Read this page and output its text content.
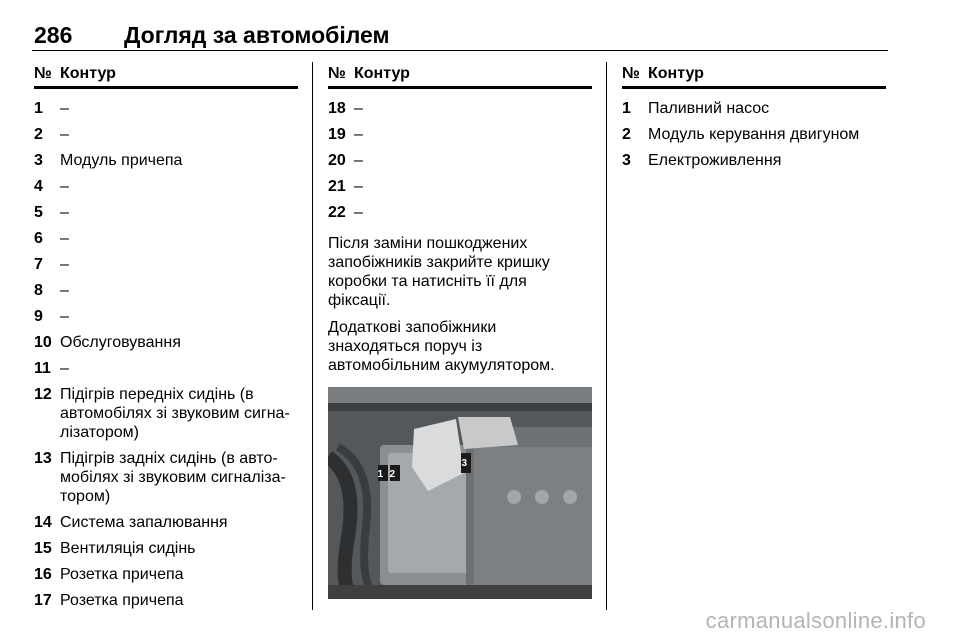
286 Догляд за автомобілем
№ Контур
1	–
2	–
3	Модуль причепа
4	–
5	–
6	–
7	–
8	–
9	–
10 Обслуговування
11 –
12 Підігрів передніх сидінь (в автомобілях зі звуковим сигна-лізатором)
13 Підігрів задніх сидінь (в авто-мобілях зі звуковим сигналіза-тором)
14 Система запалювання
15 Вентиляція сидінь
16 Розетка причепа
17 Розетка причепа
№ Контур
18 –
19 –
20 –
21 –
22 –
Після заміни пошкоджених запобіжників закрийте кришку коробки та натисніть її для фіксації.
Додаткові запобіжники знаходяться поруч із автомобільним акумулятором.
1 2
3
№ Контур
1	Паливний насос
2	Модуль керування двигуном
3	Електроживлення
carmanualsonline.info
